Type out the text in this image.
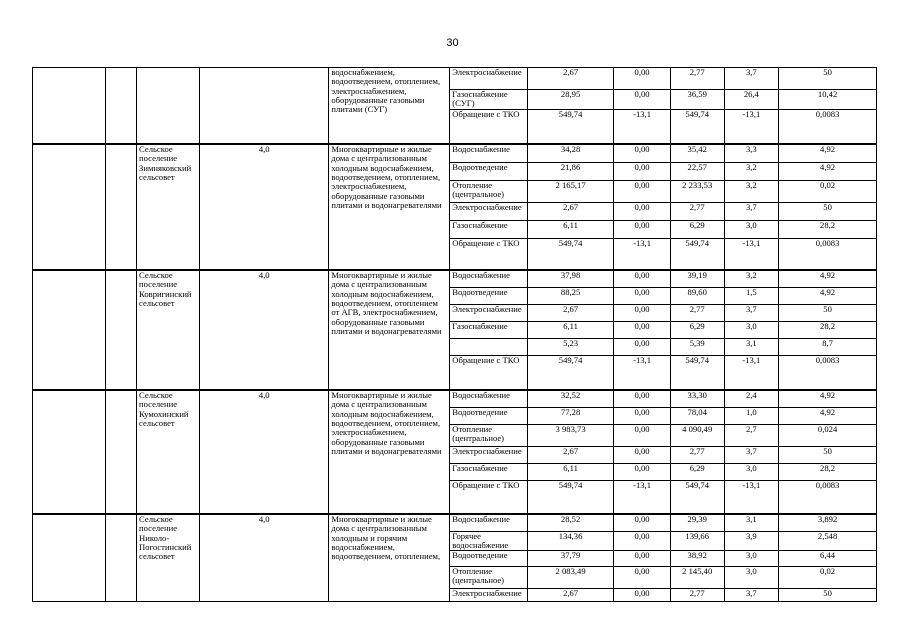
30
				водоснабжением, водоотведением, отоплением, электроснабжением, оборудованные газовыми плитами (СУГ)	Электроснабжение	2,67	0,00	2,77	3,7	50
					Газоснабжение (СУГ)	28,95	0,00	36,59	26,4	10,42
					Обращение с ТКО	549,74	-13,1	549,74	-13,1	0,0083
		Сельское поселение Зимняковский сельсовет	4,0	Многоквартирные и жилые дома с централизованным холодным водоснабжением, водоотведением, отоплением, электроснабжением, оборудованные газовыми плитами и водонагревателями	Водоснабжение	34,28	0,00	35,42	3,3	4,92
					Водоотведение	21,86	0,00	22,57	3,2	4,92
					Отопление (центральное)	2 165,17	0,00	2 233,53	3,2	0,02
					Электроснабжение	2,67	0,00	2,77	3,7	50
					Газоснабжение	6,11	0,00	6,29	3,0	28,2
					Обращение с ТКО	549,74	-13,1	549,74	-13,1	0,0083
		Сельское поселение Ковригинский сельсовет	4,0	Многоквартирные и жилые дома с централизованным холодным водоснабжением, водоотведением, отоплением от АГВ, электроснабжением, оборудованные газовыми плитами и водонагревателями	Водоснабжение	37,98	0,00	39,19	3,2	4,92
					Водоотведение	88,25	0,00	89,60	1,5	4,92
					Электроснабжение	2,67	0,00	2,77	3,7	50
					Газоснабжение	6,11	0,00	6,29	3,0	28,2
						5,23	0,00	5,39	3,1	8,7
					Обращение с ТКО	549,74	-13,1	549,74	-13,1	0,0083
		Сельское поселение Кумохинский сельсовет	4,0	Многоквартирные и жилые дома с централизованным холодным водоснабжением, водоотведением, отоплением, электроснабжением, оборудованные газовыми плитами и водонагревателями	Водоснабжение	32,52	0,00	33,30	2,4	4,92
					Водоотведение	77,28	0,00	78,04	1,0	4,92
					Отопление (центральное)	3 983,73	0,00	4 090,49	2,7	0,024
					Электроснабжение	2,67	0,00	2,77	3,7	50
					Газоснабжение	6,11	0,00	6,29	3,0	28,2
					Обращение с ТКО	549,74	-13,1	549,74	-13,1	0,0083
		Сельское поселение Николо-Погостинский сельсовет	4,0	Многоквартирные и жилые дома с централизованным холодным и горячим водоснабжением, водоотведением, отоплением,	Водоснабжение	28,52	0,00	29,39	3,1	3,892
					Горячее водоснабжение	134,36	0,00	139,66	3,9	2,548
					Водоотведение	37,79	0,00	38,92	3,0	6,44
					Отопление (центральное)	2 083,49	0,00	2 145,40	3,0	0,02
					Электроснабжение	2,67	0,00	2,77	3,7	50
